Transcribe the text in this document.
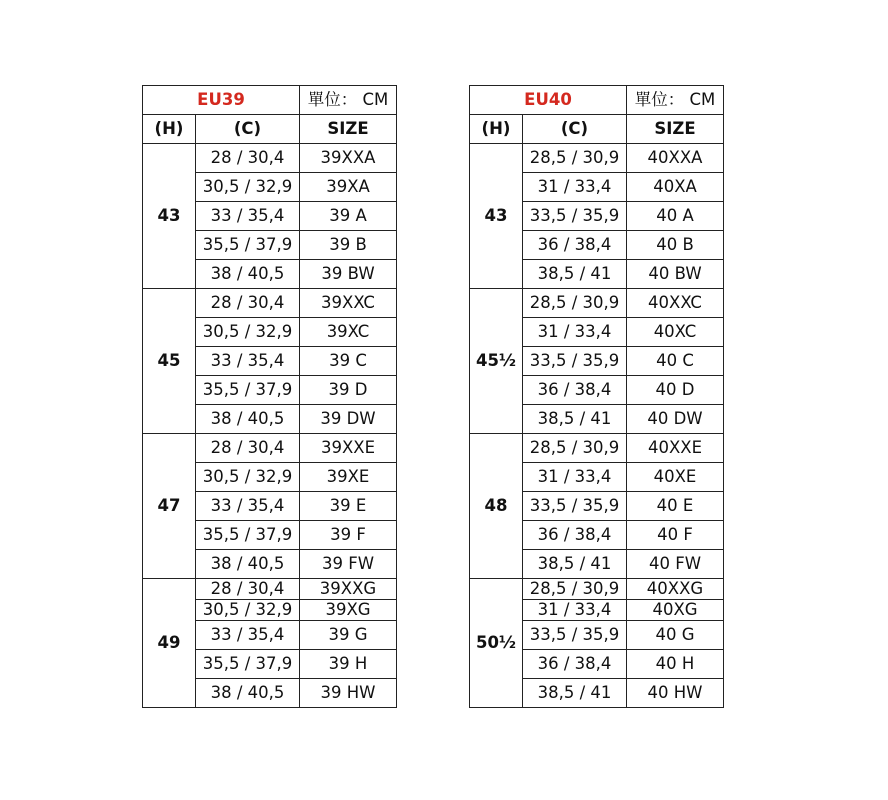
EU39		單位： CM
(H)	(C)	SIZE
43	28 / 30,4	39XXA
	30,5 / 32,9	39XA
	33 / 35,4	39 A
	35,5 / 37,9	39 B
	38 / 40,5	39 BW
45	28 / 30,4	39XXC
	30,5 / 32,9	39XC
	33 / 35,4	39 C
	35,5 / 37,9	39 D
	38 / 40,5	39 DW
47	28 / 30,4	39XXE
	30,5 / 32,9	39XE
	33 / 35,4	39 E
	35,5 / 37,9	39 F
	38 / 40,5	39 FW
49	28 / 30,4	39XXG
	30,5 / 32,9	39XG
	33 / 35,4	39 G
	35,5 / 37,9	39 H
	38 / 40,5	39 HW
EU40		單位： CM
(H)	(C)	SIZE
43	28,5 / 30,9	40XXA
	31 / 33,4	40XA
	33,5 / 35,9	40 A
	36 / 38,4	40 B
	38,5 / 41	40 BW
45½	28,5 / 30,9	40XXC
	31 / 33,4	40XC
	33,5 / 35,9	40 C
	36 / 38,4	40 D
	38,5 / 41	40 DW
48	28,5 / 30,9	40XXE
	31 / 33,4	40XE
	33,5 / 35,9	40 E
	36 / 38,4	40 F
	38,5 / 41	40 FW
50½	28,5 / 30,9	40XXG
	31 / 33,4	40XG
	33,5 / 35,9	40 G
	36 / 38,4	40 H
	38,5 / 41	40 HW
